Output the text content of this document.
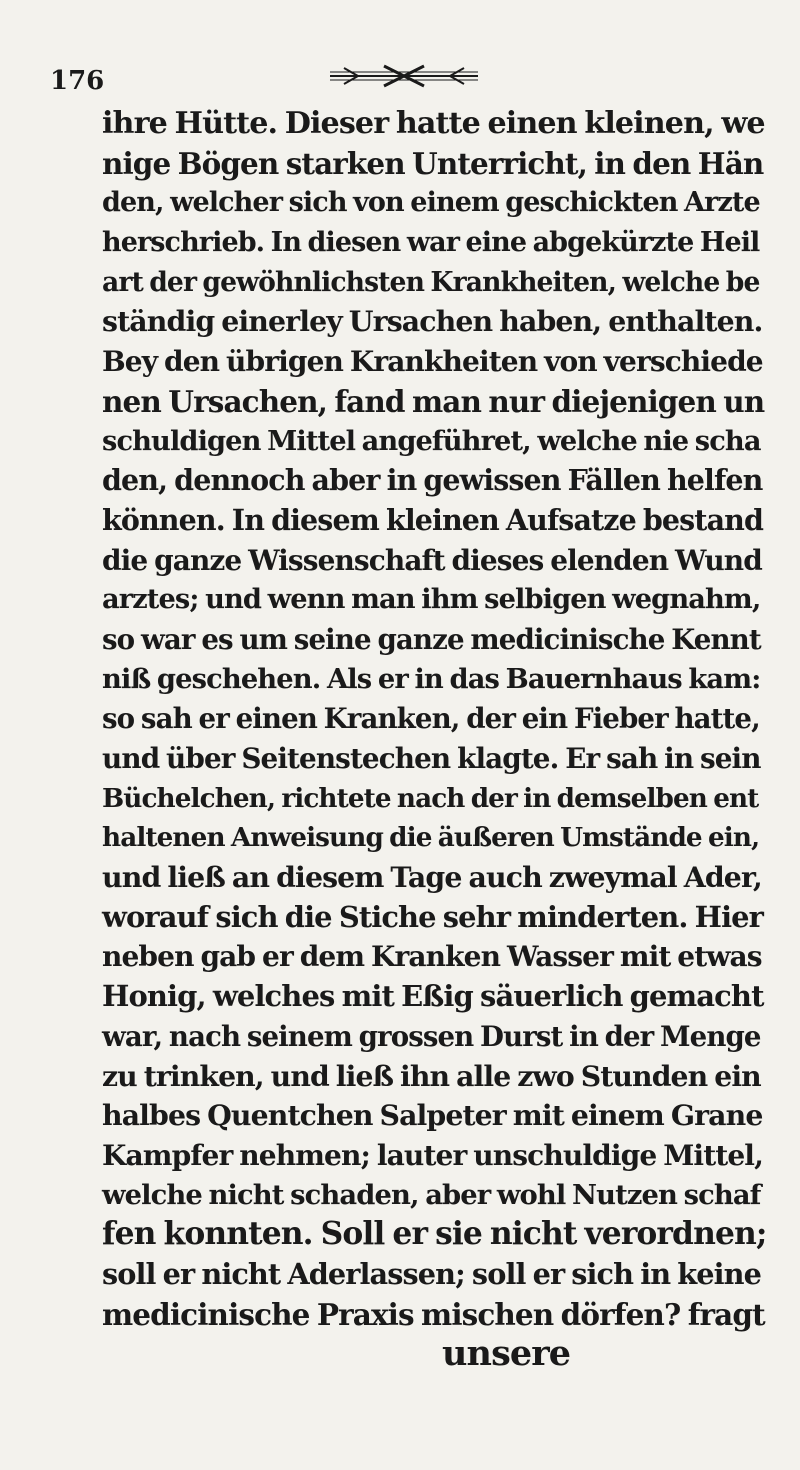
176
ihre Hütte. Dieser hatte einen kleinen, we
nige Bögen starken Unterricht, in den Hän
den, welcher sich von einem geschickten Arzte
herschrieb. In diesen war eine abgekürzte Heil
art der gewöhnlichsten Krankheiten, welche be
ständig einerley Ursachen haben, enthalten.
Bey den übrigen Krankheiten von verschiede
nen Ursachen, fand man nur diejenigen un
schuldigen Mittel angeführet, welche nie scha
den, dennoch aber in gewissen Fällen helfen
können. In diesem kleinen Aufsatze bestand
die ganze Wissenschaft dieses elenden Wund
arztes; und wenn man ihm selbigen wegnahm,
so war es um seine ganze medicinische Kennt
niß geschehen. Als er in das Bauernhaus kam:
so sah er einen Kranken, der ein Fieber hatte,
und über Seitenstechen klagte. Er sah in sein
Büchelchen, richtete nach der in demselben ent
haltenen Anweisung die äußeren Umstände ein,
und ließ an diesem Tage auch zweymal Ader,
worauf sich die Stiche sehr minderten. Hier
neben gab er dem Kranken Wasser mit etwas
Honig, welches mit Eßig säuerlich gemacht
war, nach seinem grossen Durst in der Menge
zu trinken, und ließ ihn alle zwo Stunden ein
halbes Quentchen Salpeter mit einem Grane
Kampfer nehmen; lauter unschuldige Mittel,
welche nicht schaden, aber wohl Nutzen schaf
fen konnten. Soll er sie nicht verordnen;
soll er nicht Aderlassen; soll er sich in keine
medicinische Praxis mischen dörfen? fragt
unsere
